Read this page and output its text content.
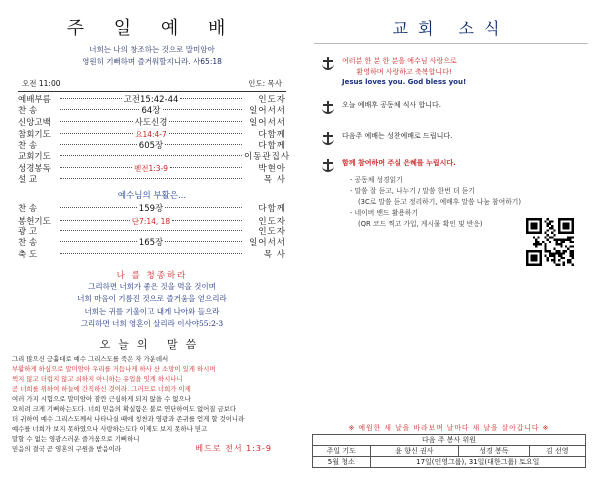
주 일 예 배
너희는 나의 창조하는 것으로 말미암아
영원히 기뻐하며 즐거워할지니라. 사65:18
오전 11:00	인도: 목사
예배부름	고전15:42-44	인도자
찬 송	64장	일어서서
신앙고백	사도신경	일어서서
참회기도	요14:4-7	다함께
찬 송	605장	다함께
교회기도	이동관집사
성경봉독	벧전1:3-9	박현아
설 교	목 사
예수님의 부활은...
찬 송	159장	다함께
봉헌기도	단7:14, 18	인도자
광 고	인도자
찬 송	165장	일어서서
축 도	목 사
나 를 청종하라
그리하면 너희가 좋은 것을 먹을 것이며
너희 마음이 기름진 것으로 즐거움을 얻으리라
너희는 귀를 기울이고 내게 나아와 들으라
그리하면 너희 영혼이 살리라 이사야55:2-3
오늘의 말씀
그리 많으신 긍휼대로 예수 그리스도를 죽은 자 가운데서
부활하게 하심으로 말미암아 우리를 거듭나게 하사 산 소망이 있게 하시며
썩지 않고 더럽지 않고 쇠하지 아니하는 유업을 잇게 하시나니
곧 너희를 위하여 하늘에 간직하신 것이라. 그러므로 너희가 이제
여러 가지 시험으로 말미암아 잠깐 근심하게 되지 않을 수 없으나
오히려 크게 기뻐하는도다. 너희 믿음의 확실함은 불로 연단하여도 없어질 금보다
더 귀하여 예수 그리스도께서 나타나실 때에 칭찬과 영광과 존귀를 얻게 할 것이니라
예수를 너희가 보지 못하였으나 사랑하는도다 이제도 보지 못하나 믿고
말할 수 없는 영광스러운 즐거움으로 기뻐하니
믿음의 결국 곧 영혼의 구원을 받음이라	베드로 전서 1:3-9
교회 소식
여러분 한 분 한 분을 예수님 사랑으로
환영하며 사랑하고 축복합니다!
Jesus loves you. God bless you!
오늘 예배후 공동체 식사 합니다.
다음주 예배는 성찬예배로 드립니다.
함께 참여하며 주실 은혜를 누립시다.
- 공동체 성경읽기
- 말씀 잘 듣고, 나누기 / 말씀 한번 더 듣기
(3C로 말씀 듣고 정리하기, 예배후 말씀 나눔 참여하기)
- 네이버 밴드 활용하기
(QR 코드 찍고 가입, 게시물 확인 및 반응)
※ 예원한 새 날을 바라보며 날마다 새 날을 살아갑니다 ※
다음 주 봉사 위원			
주일 기도	윤 향신 권사	성경 봉독	김 선영
5월 청소	17일(인영그룹), 31일(대한그룹) 토요일		
